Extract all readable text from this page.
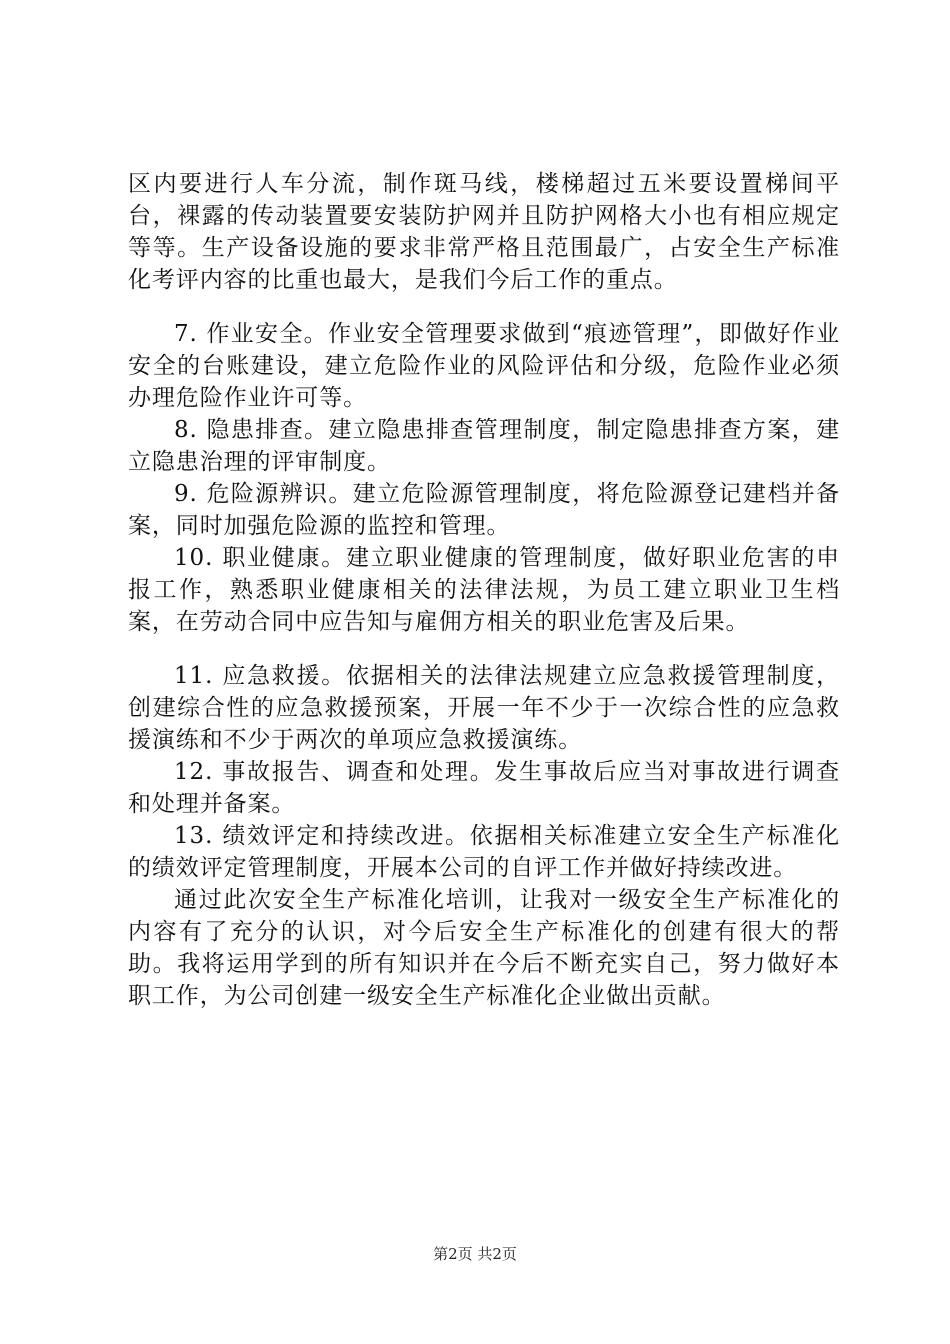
区内要进行人车分流，制作斑马线，楼梯超过五米要设置梯间平台，裸露的传动装置要安装防护网并且防护网格大小也有相应规定等等。生产设备设施的要求非常严格且范围最广，占安全生产标准化考评内容的比重也最大，是我们今后工作的重点。

7. 作业安全。作业安全管理要求做到“痕迹管理”，即做好作业安全的台账建设，建立危险作业的风险评估和分级，危险作业必须办理危险作业许可等。

8. 隐患排查。建立隐患排查管理制度，制定隐患排查方案，建立隐患治理的评审制度。

9. 危险源辨识。建立危险源管理制度，将危险源登记建档并备案，同时加强危险源的监控和管理。

10. 职业健康。建立职业健康的管理制度，做好职业危害的申报工作，熟悉职业健康相关的法律法规，为员工建立职业卫生档案，在劳动合同中应告知与雇佣方相关的职业危害及后果。

11. 应急救援。依据相关的法律法规建立应急救援管理制度，创建综合性的应急救援预案，开展一年不少于一次综合性的应急救援演练和不少于两次的单项应急救援演练。

12. 事故报告、调查和处理。发生事故后应当对事故进行调查和处理并备案。

13. 绩效评定和持续改进。依据相关标准建立安全生产标准化的绩效评定管理制度，开展本公司的自评工作并做好持续改进。

通过此次安全生产标准化培训，让我对一级安全生产标准化的内容有了充分的认识，对今后安全生产标准化的创建有很大的帮助。我将运用学到的所有知识并在今后不断充实自己，努力做好本职工作，为公司创建一级安全生产标准化企业做出贡献。

第2页 共2页
